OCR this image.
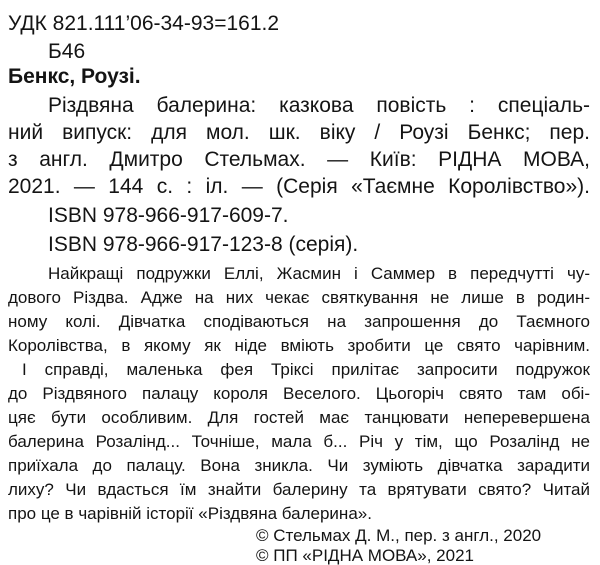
УДК 821.111’06-34-93=161.2
Б46
Бенкс, Роузі.
Різдвяна балерина: казкова повість : спеціаль-
ний випуск: для мол. шк. віку / Роузі Бенкс; пер.
з англ. Дмитро Стельмах. — Київ: РІДНА МОВА,
2021. — 144 с. : іл. — (Серія «Таємне Королівство»).
ISBN 978-966-917-609-7.
ISBN 978-966-917-123-8 (серія).
Найкращі подружки Еллі, Жасмин і Саммер в передчутті чу-
дового Різдва. Адже на них чекає святкування не лише в родин-
ному колі. Дівчатка сподіваються на запрошення до Таємного
Королівства, в якому як ніде вміють зробити це свято чарівним.
І справді, маленька фея Тріксі прилітає запросити подружок
до Різдвяного палацу короля Веселого. Цьогоріч свято там обі-
цяє бути особливим. Для гостей має танцювати неперевершена
балерина Розалінд... Точніше, мала б... Річ у тім, що Розалінд не
приїхала до палацу. Вона зникла. Чи зуміють дівчатка зарадити
лиху? Чи вдасться їм знайти балерину та врятувати свято? Читай
про це в чарівній історії «Різдвяна балерина».
© Стельмах Д. М., пер. з англ., 2020
© ПП «РІДНА МОВА», 2021
